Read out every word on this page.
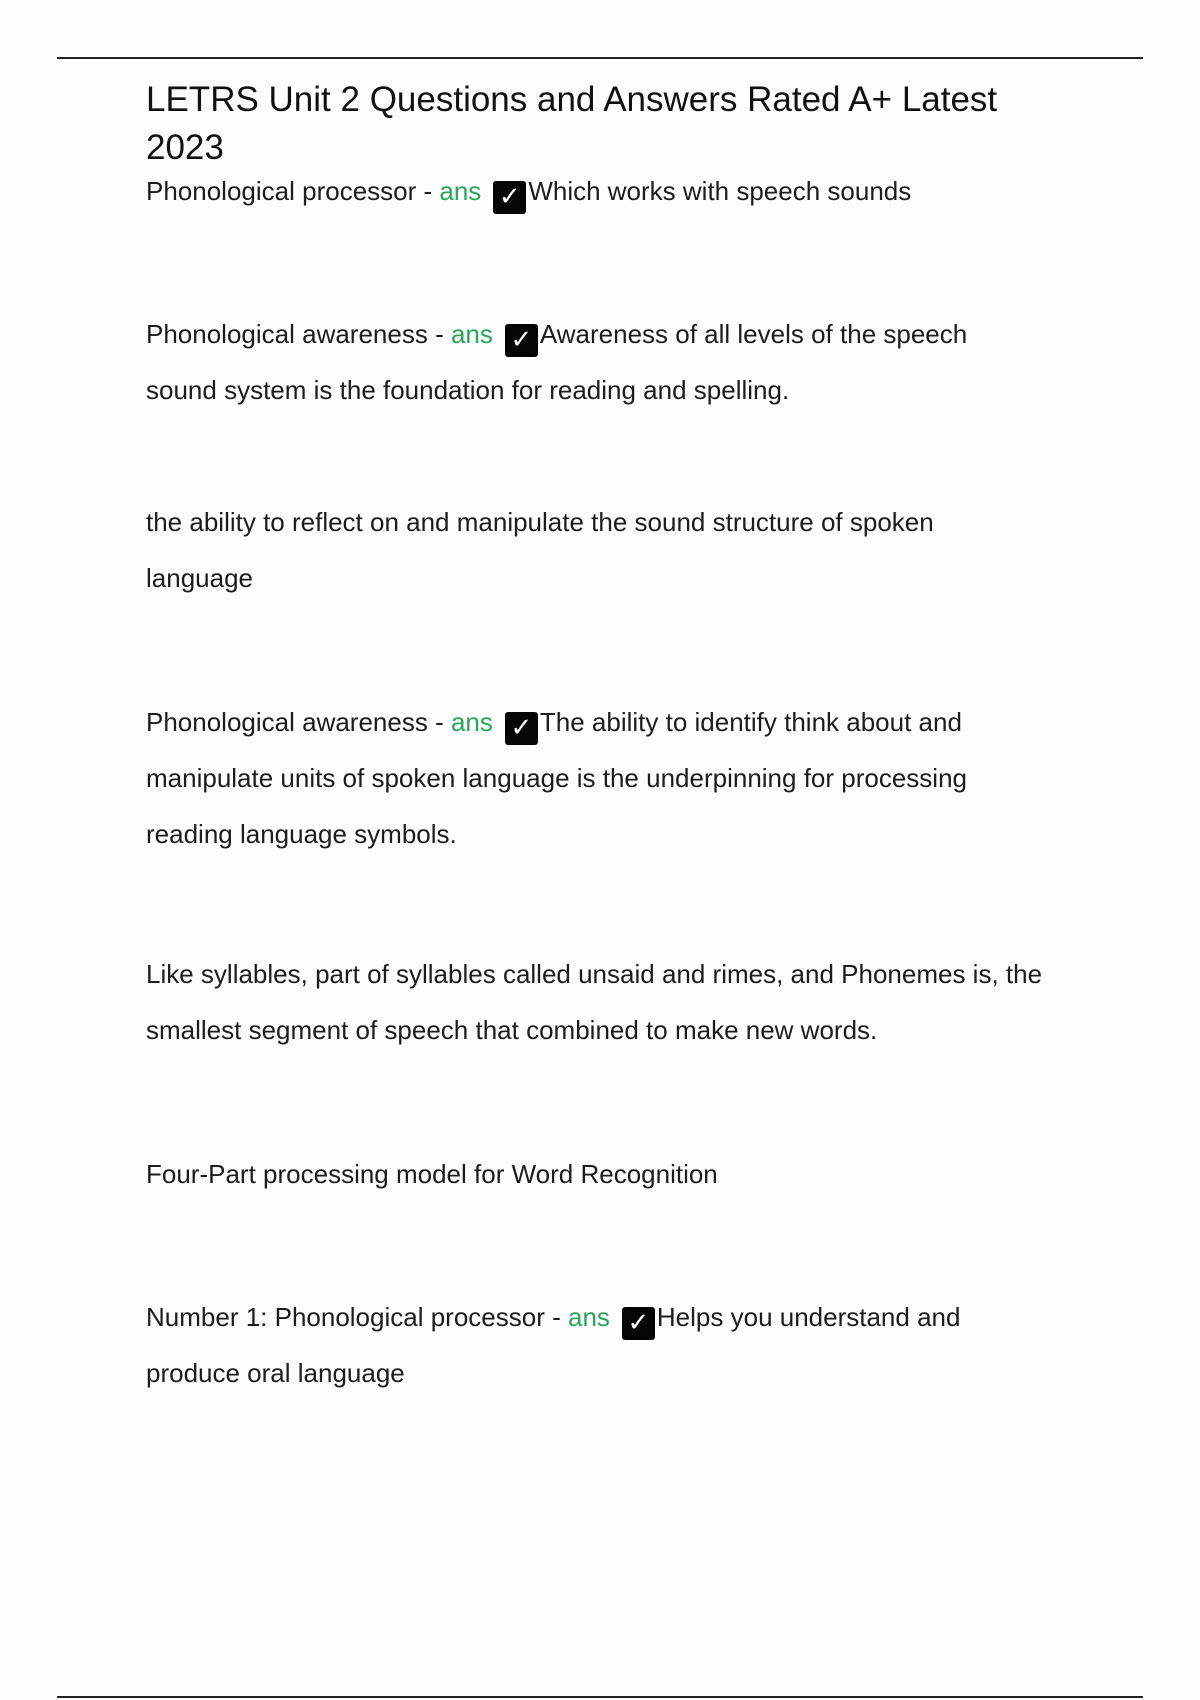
LETRS Unit 2 Questions and Answers Rated A+ Latest
2023
Phonological processor - ans ✓ Which works with speech sounds
Phonological awareness - ans ✓ Awareness of all levels of the speech
sound system is the foundation for reading and spelling.
the ability to reflect on and manipulate the sound structure of spoken
language
Phonological awareness - ans ✓ The ability to identify think about and
manipulate units of spoken language is the underpinning for processing
reading language symbols.
Like syllables, part of syllables called unsaid and rimes, and Phonemes is, the
smallest segment of speech that combined to make new words.
Four-Part processing model for Word Recognition
Number 1: Phonological processor - ans ✓ Helps you understand and
produce oral language
